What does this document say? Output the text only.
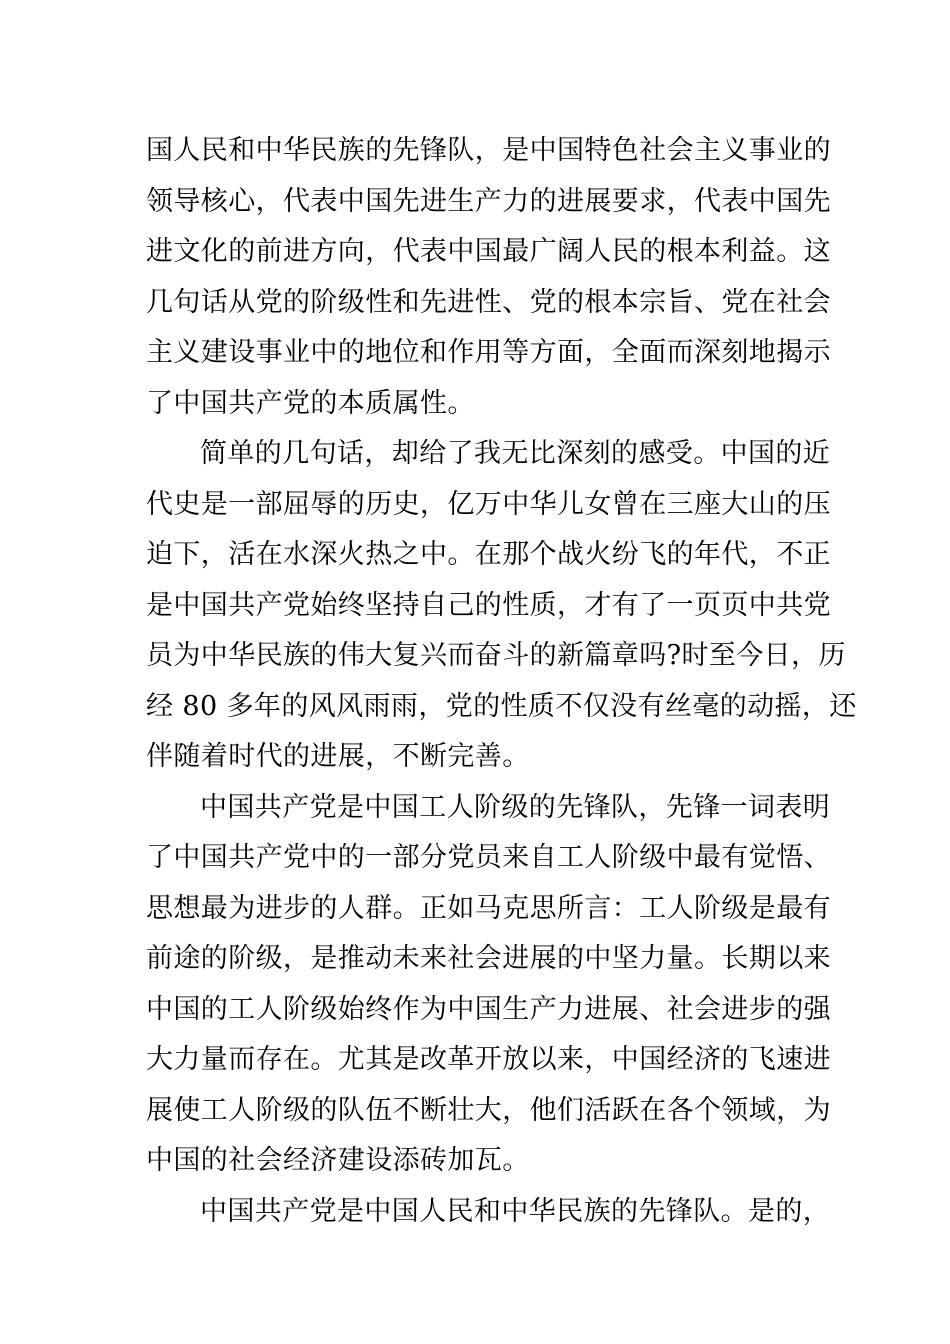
国人民和中华民族的先锋队，是中国特色社会主义事业的
领导核心，代表中国先进生产力的进展要求，代表中国先
进文化的前进方向，代表中国最广阔人民的根本利益。这
几句话从党的阶级性和先进性、党的根本宗旨、党在社会
主义建设事业中的地位和作用等方面，全面而深刻地揭示
了中国共产党的本质属性。
简单的几句话，却给了我无比深刻的感受。中国的近
代史是一部屈辱的历史，亿万中华儿女曾在三座大山的压
迫下，活在水深火热之中。在那个战火纷飞的年代，不正
是中国共产党始终坚持自己的性质，才有了一页页中共党
员为中华民族的伟大复兴而奋斗的新篇章吗?时至今日，历
经 80 多年的风风雨雨，党的性质不仅没有丝毫的动摇，还
伴随着时代的进展，不断完善。
中国共产党是中国工人阶级的先锋队，先锋一词表明
了中国共产党中的一部分党员来自工人阶级中最有觉悟、
思想最为进步的人群。正如马克思所言：工人阶级是最有
前途的阶级，是推动未来社会进展的中坚力量。长期以来
中国的工人阶级始终作为中国生产力进展、社会进步的强
大力量而存在。尤其是改革开放以来，中国经济的飞速进
展使工人阶级的队伍不断壮大，他们活跃在各个领域，为
中国的社会经济建设添砖加瓦。
中国共产党是中国人民和中华民族的先锋队。是的，
